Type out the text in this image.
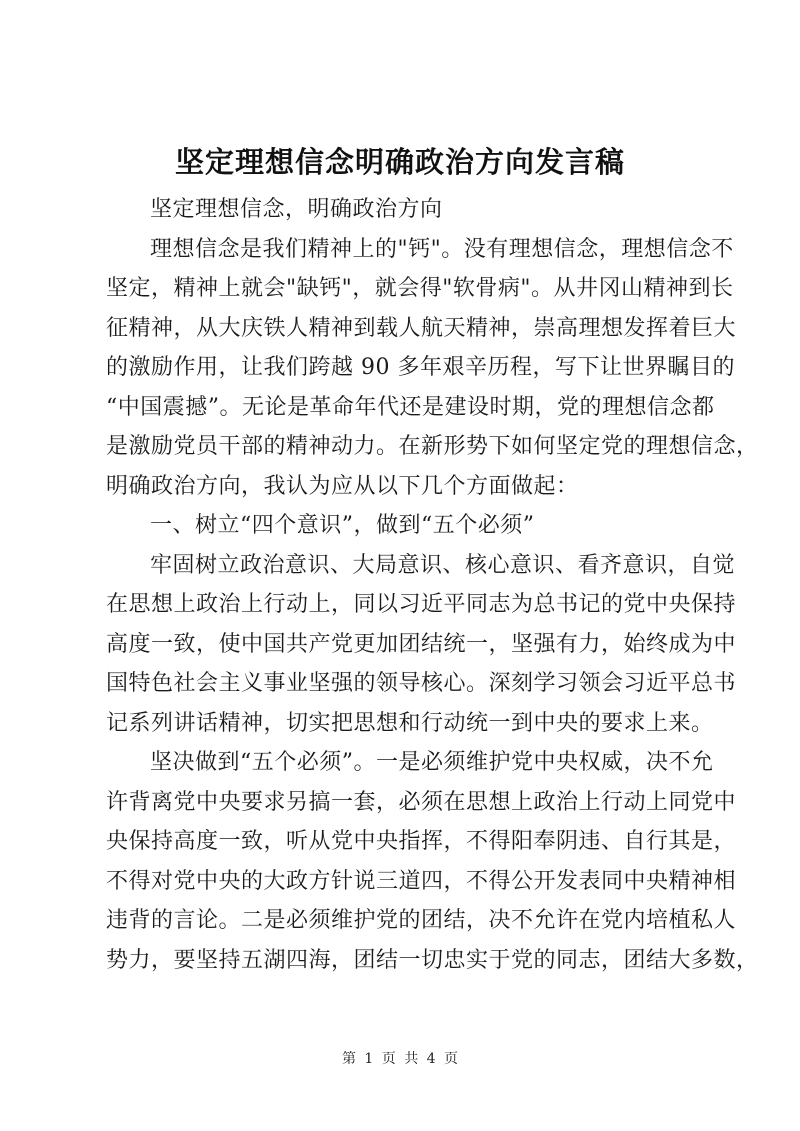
坚定理想信念明确政治方向发言稿
坚定理想信念，明确政治方向
理想信念是我们精神上的"钙"。没有理想信念，理想信念不
坚定，精神上就会"缺钙"，就会得"软骨病"。从井冈山精神到长
征精神，从大庆铁人精神到载人航天精神，崇高理想发挥着巨大
的激励作用，让我们跨越 90 多年艰辛历程，写下让世界瞩目的
“中国震撼”。无论是革命年代还是建设时期，党的理想信念都
是激励党员干部的精神动力。在新形势下如何坚定党的理想信念，
明确政治方向，我认为应从以下几个方面做起：
一、树立“四个意识”，做到“五个必须”
牢固树立政治意识、大局意识、核心意识、看齐意识，自觉
在思想上政治上行动上，同以习近平同志为总书记的党中央保持
高度一致，使中国共产党更加团结统一，坚强有力，始终成为中
国特色社会主义事业坚强的领导核心。深刻学习领会习近平总书
记系列讲话精神，切实把思想和行动统一到中央的要求上来。
坚决做到“五个必须”。一是必须维护党中央权威，决不允
许背离党中央要求另搞一套，必须在思想上政治上行动上同党中
央保持高度一致，听从党中央指挥，不得阳奉阴违、自行其是，
不得对党中央的大政方针说三道四，不得公开发表同中央精神相
违背的言论。二是必须维护党的团结，决不允许在党内培植私人
势力，要坚持五湖四海，团结一切忠实于党的同志，团结大多数，
第 1 页 共 4 页
